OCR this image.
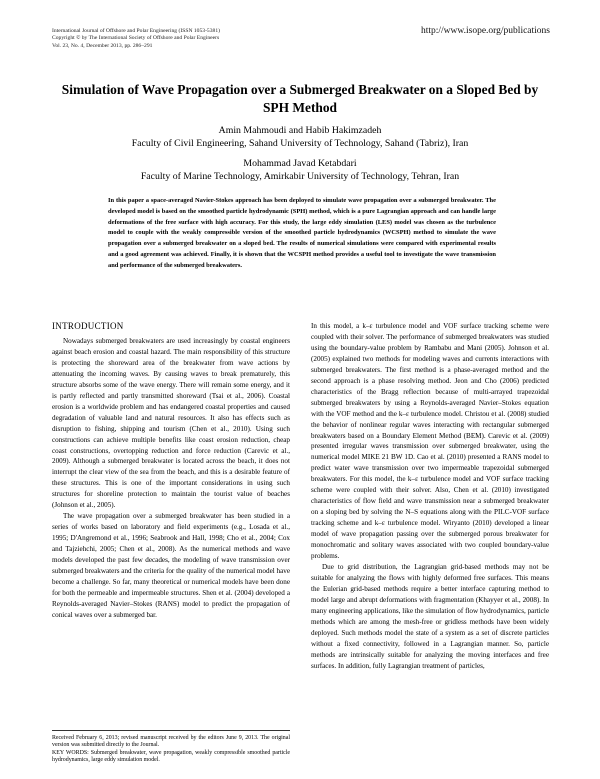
International Journal of Offshore and Polar Engineering (ISSN 1053-5381)
Copyright © by The International Society of Offshore and Polar Engineers
Vol. 23, No. 4, December 2013, pp. 286–291
http://www.isope.org/publications
Simulation of Wave Propagation over a Submerged Breakwater on a Sloped Bed by SPH Method
Amin Mahmoudi and Habib Hakimzadeh
Faculty of Civil Engineering, Sahand University of Technology, Sahand (Tabriz), Iran
Mohammad Javad Ketabdari
Faculty of Marine Technology, Amirkabir University of Technology, Tehran, Iran
In this paper a space-averaged Navier-Stokes approach has been deployed to simulate wave propagation over a submerged breakwater. The developed model is based on the smoothed particle hydrodynamic (SPH) method, which is a pure Lagrangian approach and can handle large deformations of the free surface with high accuracy. For this study, the large eddy simulation (LES) model was chosen as the turbulence model to couple with the weakly compressible version of the smoothed particle hydrodynamics (WCSPH) method to simulate the wave propagation over a submerged breakwater on a sloped bed. The results of numerical simulations were compared with experimental results and a good agreement was achieved. Finally, it is shown that the WCSPH method provides a useful tool to investigate the wave transmission and performance of the submerged breakwaters.
INTRODUCTION

Nowadays submerged breakwaters are used increasingly by coastal engineers against beach erosion and coastal hazard. The main responsibility of this structure is protecting the shoreward area of the breakwater from wave actions by attenuating the incoming waves. By causing waves to break prematurely, this structure absorbs some of the wave energy. There will remain some energy, and it is partly reflected and partly transmitted shoreward (Tsai et al., 2006). Coastal erosion is a worldwide problem and has endangered coastal properties and caused degradation of valuable land and natural resources. It also has effects such as disruption to fishing, shipping and tourism (Chen et al., 2010). Using such constructions can achieve multiple benefits like coast erosion reduction, cheap coast constructions, overtopping reduction and force reduction (Carevic et al., 2009). Although a submerged breakwater is located across the beach, it does not interrupt the clear view of the sea from the beach, and this is a desirable feature of these structures. This is one of the important considerations in using such structures for shoreline protection to maintain the tourist value of beaches (Johnson et al., 2005).

The wave propagation over a submerged breakwater has been studied in a series of works based on laboratory and field experiments (e.g., Losada et al., 1995; D'Angremond et al., 1996; Seabrook and Hall, 1998; Cho et al., 2004; Cox and Tajziehchi, 2005; Chen et al., 2008). As the numerical methods and wave models developed the past few decades, the modeling of wave transmission over submerged breakwaters and the criteria for the quality of the numerical model have become a challenge. So far, many theoretical or numerical models have been done for both the permeable and impermeable structures. Shen et al. (2004) developed a Reynolds-averaged Navier–Stokes (RANS) model to predict the propagation of conical waves over a submerged bar.

In this model, a k–ε turbulence model and VOF surface tracking scheme were coupled with their solver. The performance of submerged breakwaters was studied using the boundary-value problem by Rambabu and Mani (2005). Johnson et al. (2005) explained two methods for modeling waves and currents interactions with submerged breakwaters. The first method is a phase-averaged method and the second approach is a phase resolving method. Jeon and Cho (2006) predicted characteristics of the Bragg reflection because of multi-arrayed trapezoidal submerged breakwaters by using a Reynolds-averaged Navier–Stokes equation with the VOF method and the k–ε turbulence model. Christou et al. (2008) studied the behavior of nonlinear regular waves interacting with rectangular submerged breakwaters based on a Boundary Element Method (BEM). Carevic et al. (2009) presented irregular waves transmission over submerged breakwater, using the numerical model MIKE 21 BW 1D. Cao et al. (2010) presented a RANS model to predict water wave transmission over two impermeable trapezoidal submerged breakwaters. For this model, the k–ε turbulence model and VOF surface tracking scheme were coupled with their solver. Also, Chen et al. (2010) investigated characteristics of flow field and wave transmission near a submerged breakwater on a sloping bed by solving the N–S equations along with the PILC-VOF surface tracking scheme and k–ε turbulence model. Wiryanto (2010) developed a linear model of wave propagation passing over the submerged porous breakwater for monochromatic and solitary waves associated with two coupled boundary-value problems.

Due to grid distribution, the Lagrangian grid-based methods may not be suitable for analyzing the flows with highly deformed free surfaces. This means the Eulerian grid-based methods require a better interface capturing method to model large and abrupt deformations with fragmentation (Khayyer et al., 2008). In many engineering applications, like the simulation of flow hydrodynamics, particle methods which are among the mesh-free or gridless methods have been widely deployed. Such methods model the state of a system as a set of discrete particles without a fixed connectivity, followed in a Lagrangian manner. So, particle methods are intrinsically suitable for analyzing the moving interfaces and free surfaces. In addition, fully Lagrangian treatment of particles,

Received February 6, 2013; revised manuscript received by the editors June 9, 2013. The original version was submitted directly to the Journal.

KEY WORDS: Submerged breakwater, wave propagation, weakly compressible smoothed particle hydrodynamics, large eddy simulation model.
